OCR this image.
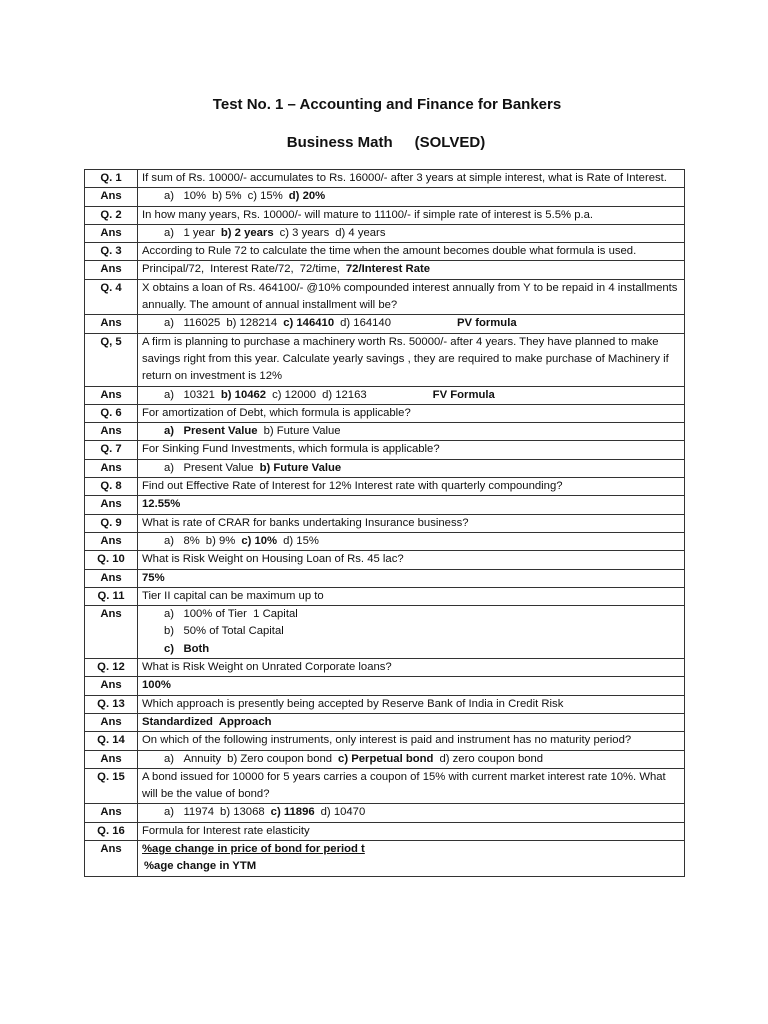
Test No. 1 – Accounting and Finance for Bankers
Business Math (SOLVED)
Q. 1	If sum of Rs. 10000/- accumulates to Rs. 16000/- after 3 years at simple interest, what is Rate of Interest.
Ans	a)   10% b) 5% c) 15% d) 20%

Q. 2	In how many years, Rs. 10000/- will mature to 11100/- if simple rate of interest is 5.5% p.a.
Ans	a)   1 year b) 2 years c) 3 years d) 4 years

Q. 3	According to Rule 72 to calculate the time when the amount becomes double what formula is used.
Ans	Principal/72, Interest Rate/72, 72/time, 72/Interest Rate
Q. 4	X obtains a loan of Rs. 464100/- @10% compounded interest annually from Y to be repaid in 4 installments annually. The amount of annual installment will be?
Ans	a)   116025 b) 128214 c) 146410 d) 164140 PV formula

Q, 5	A firm is planning to purchase a machinery worth Rs. 50000/- after 4 years. They have planned to make savings right from this year. Calculate yearly savings , they are required to make purchase of Machinery if return on investment is 12%
Ans	a)   10321 b) 10462 c) 12000 d) 12163 FV Formula

Q. 6	For amortization of Debt, which formula is applicable?
Ans	a)   Present Value b) Future Value

Q. 7	For Sinking Fund Investments, which formula is applicable?
Ans	a)   Present Value b) Future Value

Q. 8	Find out Effective Rate of Interest for 12% Interest rate with quarterly compounding?
Ans	12.55%
Q. 9	What is rate of CRAR for banks undertaking Insurance business?
Ans	a)   8% b) 9% c) 10% d) 15%

Q. 10	What is Risk Weight on Housing Loan of Rs. 45 lac?
Ans	75%
Q. 11	Tier II capital can be maximum up to
Ans	a)   100% of Tier  1 Capital
b)   50% of Total Capital
c)   Both

Q. 12	What is Risk Weight on Unrated Corporate loans?
Ans	100%
Q. 13	Which approach is presently being accepted by Reserve Bank of India in Credit Risk
Ans	Standardized  Approach
Q. 14	On which of the following instruments, only interest is paid and instrument has no maturity period?
Ans	a)   Annuity b) Zero coupon bond c) Perpetual bond d) zero coupon bond

Q. 15	A bond issued for 10000 for 5 years carries a coupon of 15% with current market interest rate 10%. What will be the value of bond?
Ans	a)   11974 b) 13068 c) 11896 d) 10470

Q. 16	Formula for Interest rate elasticity
Ans	%age change in price of bond for period t
%age change in YTM
